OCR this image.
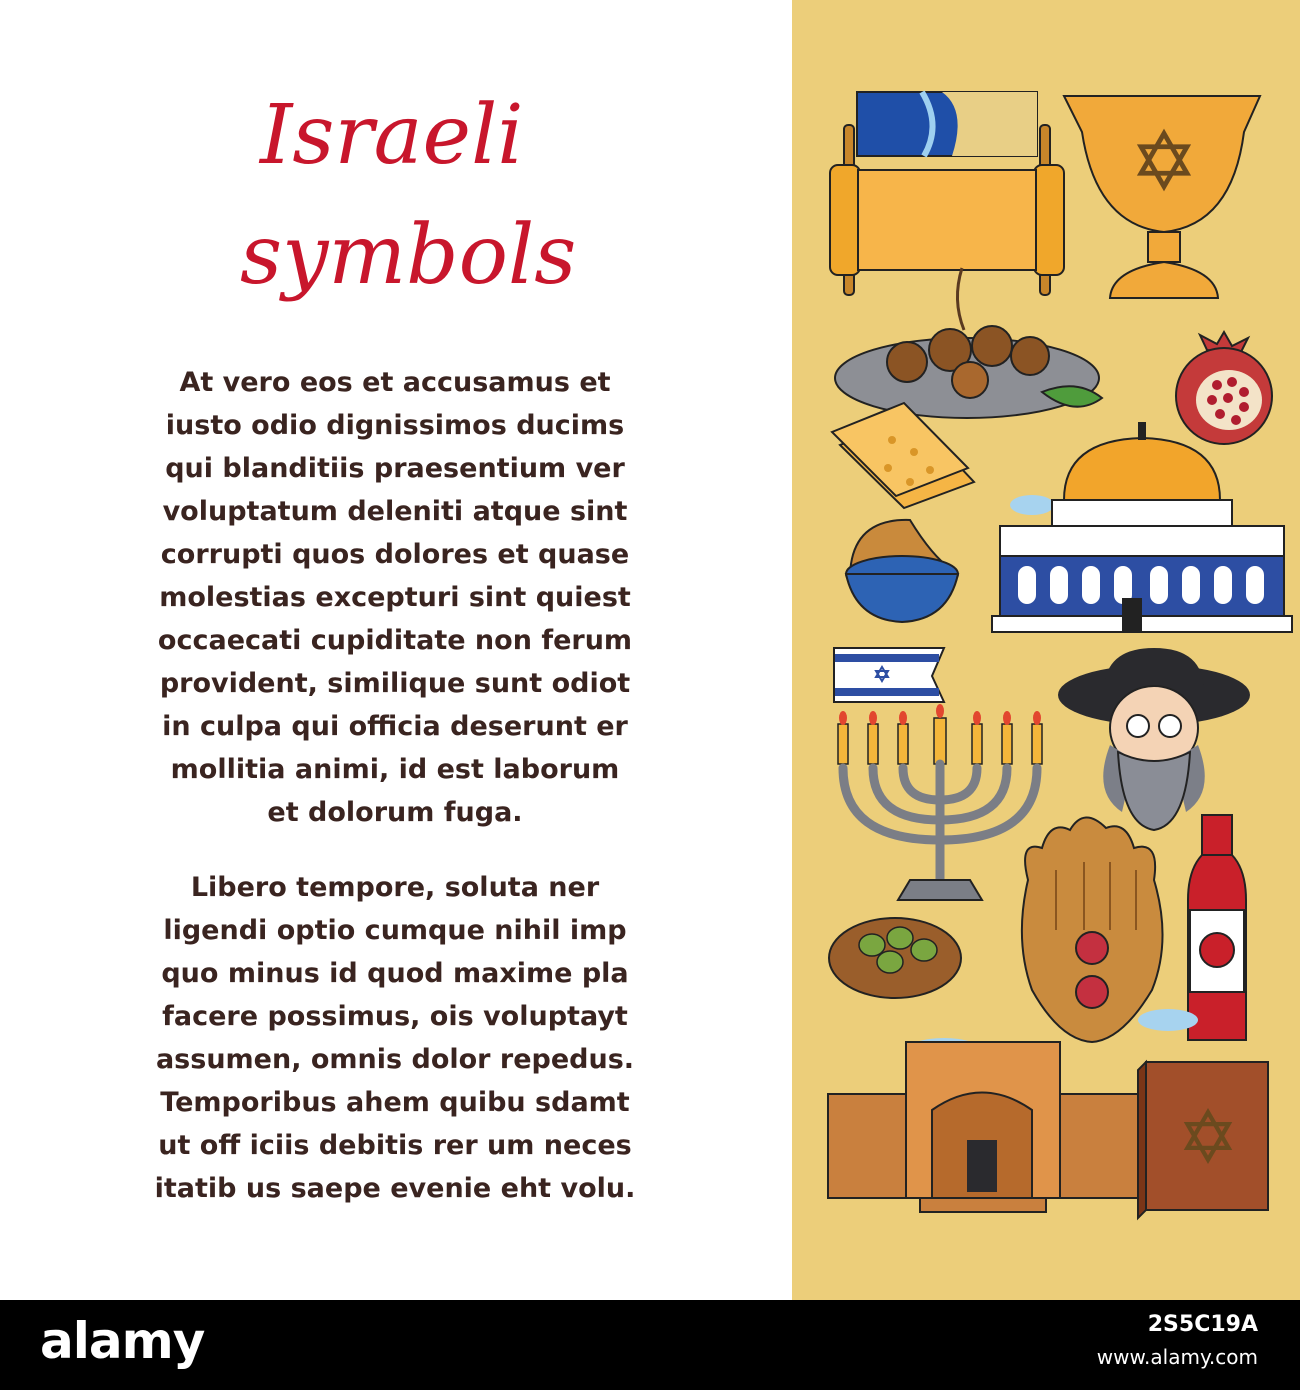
Israeli
symbols
At vero eos et accusamus et
iusto odio dignissimos ducims
qui blanditiis praesentium ver
voluptatum deleniti atque sint
corrupti quos dolores et quase
molestias excepturi sint quiest
occaecati cupiditate non ferum
provident, similique sunt odiot
in culpa qui officia deserunt er
mollitia animi, id est laborum
et dolorum fuga.
Libero tempore, soluta ner
ligendi optio cumque nihil imp
quo minus id quod maxime pla
facere possimus, ois voluptayt
assumen, omnis dolor repedus.
Temporibus ahem quibu sdamt
ut off iciis debitis rer um neces
itatib us saepe evenie eht volu.
alamy	2S5C19A
www.alamy.com
